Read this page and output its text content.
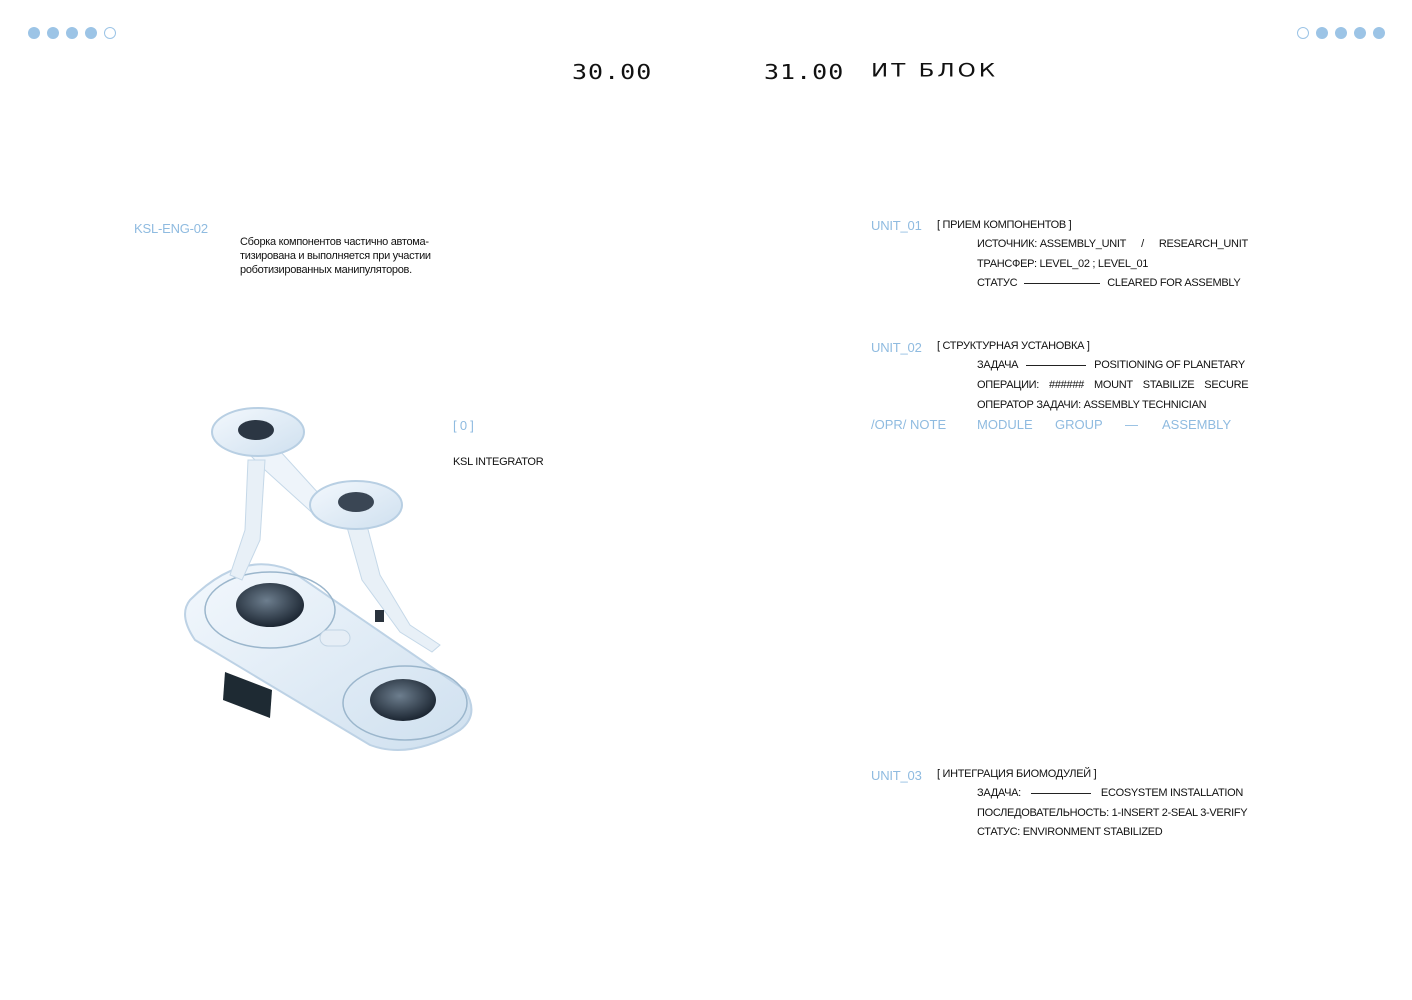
30.00	31.00 ИТ БЛОК
KSL-ENG-02
Сборка компонентов частично автома-
тизирована и выполняется при участии
роботизированных манипуляторов.
[ 0 ]
KSL INTEGRATOR
UNIT_01 [ ПРИЕМ КОМПОНЕНТОВ ]
ИСТОЧНИК: ASSEMBLY_UNIT / RESEARCH_UNIT
ТРАНСФЕР: LEVEL_02 ; LEVEL_01
СТАТУС	CLEARED FOR ASSEMBLY
UNIT_02 [ СТРУКТУРНАЯ УСТАНОВКА ]
ЗАДАЧА	POSITIONING OF PLANETARY
ОПЕРАЦИИ: ###### MOUNT STABILIZE SECURE
ОПЕРАТОР ЗАДАЧИ: ASSEMBLY TECHNICIAN
/OPR/ NOTE MODULE GROUP — ASSEMBLY
UNIT_03 [ ИНТЕГРАЦИЯ БИОМОДУЛЕЙ ]
ЗАДАЧА:	ECOSYSTEM INSTALLATION
ПОСЛЕДОВАТЕЛЬНОСТЬ: 1-INSERT 2-SEAL 3-VERIFY
СТАТУС: ENVIRONMENT STABILIZED
